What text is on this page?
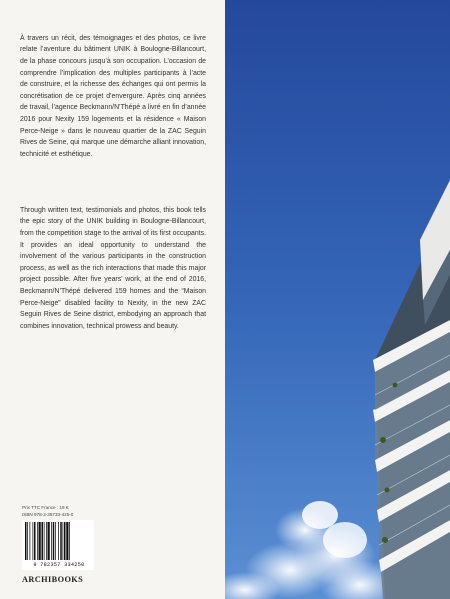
À travers un récit, des témoignages et des photos, ce livre relate l’aventure du bâtiment UNIK à Boulogne-Billancourt, de la phase concours jusqu’à son occupation. L’occasion de comprendre l’implication des multiples participants à l’acte de construire, et la richesse des échanges qui ont permis la concrétisation de ce projet d’envergure. Après cinq années de travail, l’agence Beckmann/N’Thépé a livré en fin d’année 2016 pour Nexity 159 logements et la résidence « Maison Perce-Neige » dans le nouveau quartier de la ZAC Seguin Rives de Seine, qui marque une démarche alliant innovation, technicité et esthétique.

Through written text, testimonials and photos, this book tells the epic story of the UNIK building in Boulogne-Billancourt, from the competition stage to the arrival of its first occupants. It provides an ideal opportunity to understand the involvement of the various participants in the construction process, as well as the rich interactions that made this major project possible. After five years’ work, at the end of 2016, Beckmann/N’Thépé delivered 159 homes and the “Maison Perce-Neige” disabled facility to Nexity, in the new ZAC Seguin Rives de Seine district, embodying an approach that combines innovation, technical prowess and beauty.

Prix TTC France : 19 €
ISBN 978-2-35733-425-0
9 782357 334250
ARCHIBOOKS
